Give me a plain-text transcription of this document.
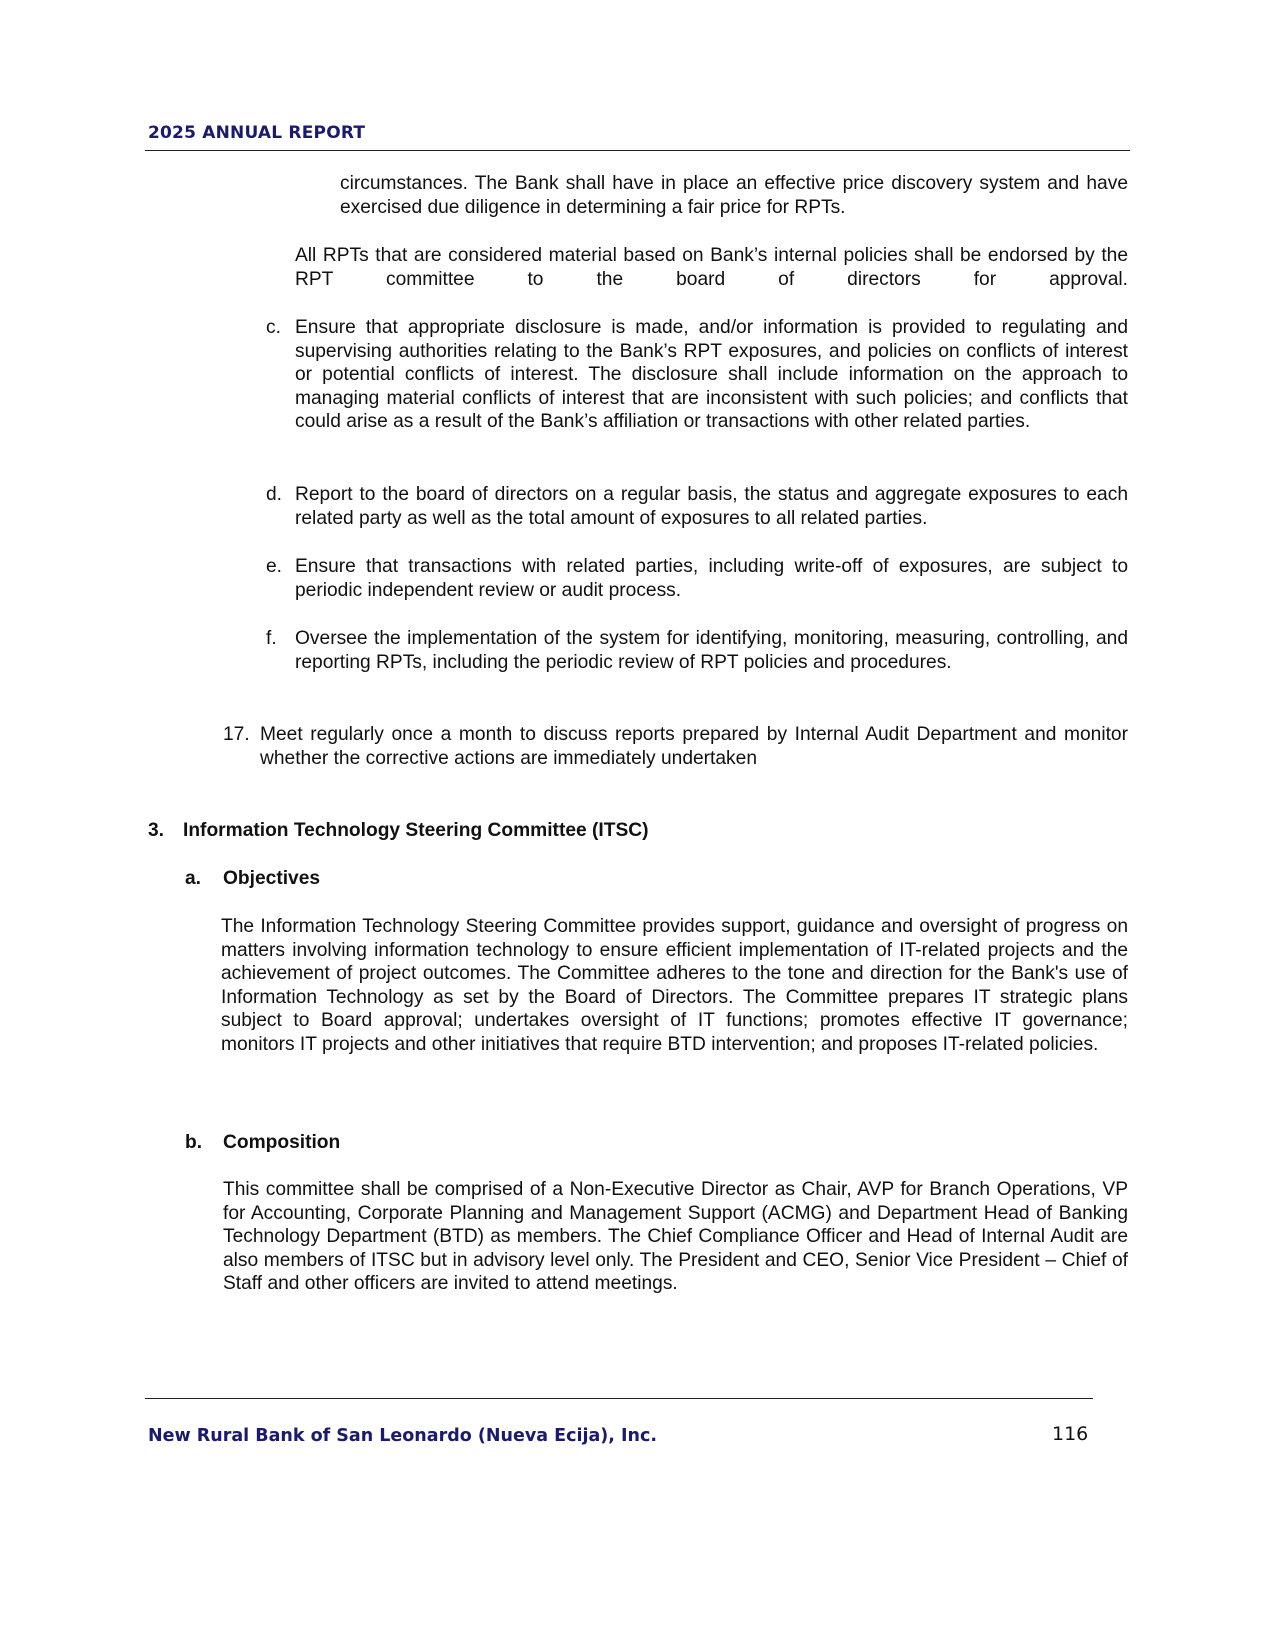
2025 ANNUAL REPORT

circumstances. The Bank shall have in place an effective price discovery system and have exercised due diligence in determining a fair price for RPTs.

All RPTs that are considered material based on Bank’s internal policies shall be endorsed by the RPT committee to the board of directors for approval.

c. Ensure that appropriate disclosure is made, and/or information is provided to regulating and supervising authorities relating to the Bank’s RPT exposures, and policies on conflicts of interest or potential conflicts of interest. The disclosure shall include information on the approach to managing material conflicts of interest that are inconsistent with such policies; and conflicts that could arise as a result of the Bank’s affiliation or transactions with other related parties.

d. Report to the board of directors on a regular basis, the status and aggregate exposures to each related party as well as the total amount of exposures to all related parties.

e. Ensure that transactions with related parties, including write-off of exposures, are subject to periodic independent review or audit process.

f. Oversee the implementation of the system for identifying, monitoring, measuring, controlling, and reporting RPTs, including the periodic review of RPT policies and procedures.

17. Meet regularly once a month to discuss reports prepared by Internal Audit Department and monitor whether the corrective actions are immediately undertaken

3. Information Technology Steering Committee (ITSC)
a. Objectives

The Information Technology Steering Committee provides support, guidance and oversight of progress on matters involving information technology to ensure efficient implementation of IT-related projects and the achievement of project outcomes. The Committee adheres to the tone and direction for the Bank's use of Information Technology as set by the Board of Directors. The Committee prepares IT strategic plans subject to Board approval; undertakes oversight of IT functions; promotes effective IT governance; monitors IT projects and other initiatives that require BTD intervention; and proposes IT-related policies.

b. Composition

This committee shall be comprised of a Non-Executive Director as Chair, AVP for Branch Operations, VP for Accounting, Corporate Planning and Management Support (ACMG) and Department Head of Banking Technology Department (BTD) as members. The Chief Compliance Officer and Head of Internal Audit are also members of ITSC but in advisory level only. The President and CEO, Senior Vice President – Chief of Staff and other officers are invited to attend meetings.

New Rural Bank of San Leonardo (Nueva Ecija), Inc.	116
